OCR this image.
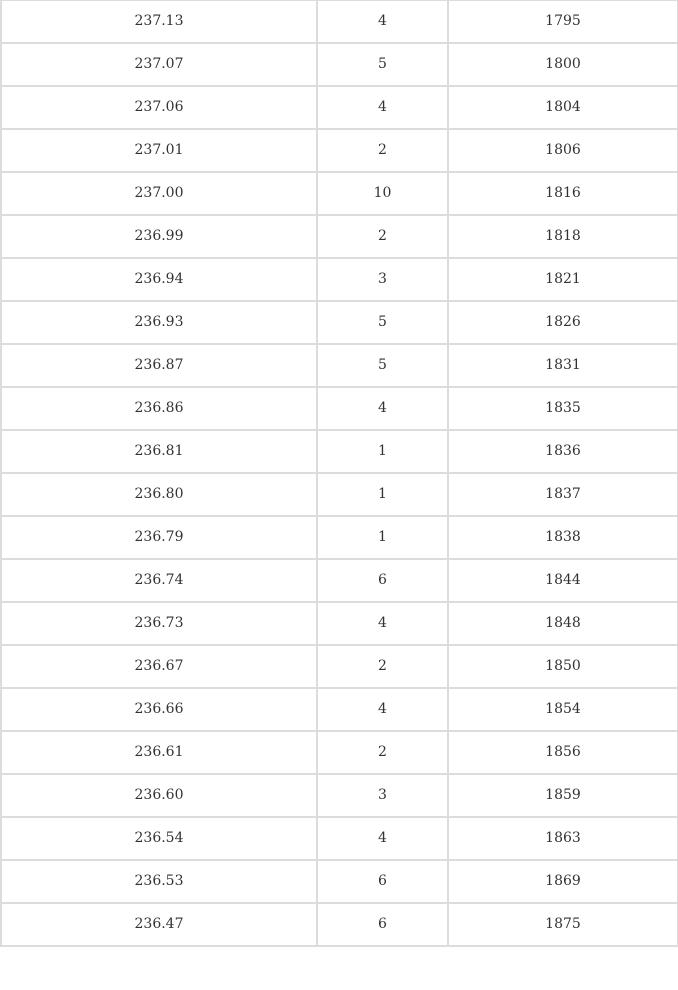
237.13	4	1795
237.07	5	1800
237.06	4	1804
237.01	2	1806
237.00	10	1816
236.99	2	1818
236.94	3	1821
236.93	5	1826
236.87	5	1831
236.86	4	1835
236.81	1	1836
236.80	1	1837
236.79	1	1838
236.74	6	1844
236.73	4	1848
236.67	2	1850
236.66	4	1854
236.61	2	1856
236.60	3	1859
236.54	4	1863
236.53	6	1869
236.47	6	1875
